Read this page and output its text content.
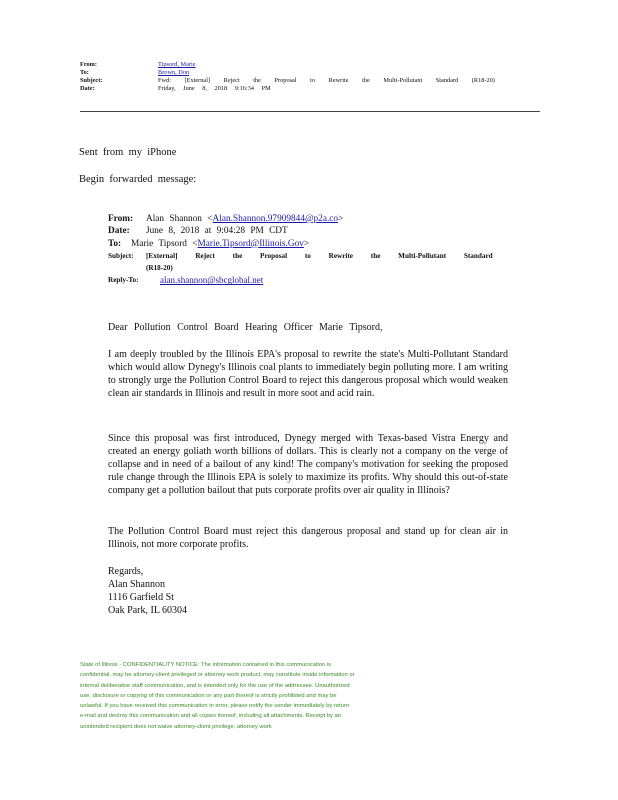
From:	Tipsord, Marie
To:	Brown, Don
Subject:	Fwd: [External] Reject the Proposal to Rewrite the Multi-Pollutant Standard (R18-20)
Date:	Friday, June 8, 2018 9:16:34 PM
Sent  from  my  iPhone
Begin  forwarded  message:
From:	Alan Shannon < Alan.Shannon.97909844@p2a.co >
Date:	June 8, 2018 at 9:04:28 PM CDT
To:	Marie Tipsord < Marie.Tipsord@Illinois.Gov >
Subject:	[External] Reject the Proposal to Rewrite the Multi-Pollutant Standard (R18-20)
Reply-To:	alan.shannon@sbcglobal.net

Dear Pollution Control Board Hearing Officer Marie Tipsord,

I am deeply troubled by the Illinois EPA's proposal to rewrite the state's Multi-Pollutant Standard which would allow Dynegy's Illinois coal plants to immediately begin polluting more. I am writing to strongly urge the Pollution Control Board to reject this dangerous proposal which would weaken clean air standards in Illinois and result in more soot and acid rain.

Since this proposal was first introduced, Dynegy merged with Texas-based Vistra Energy and created an energy goliath worth billions of dollars. This is clearly not a company on the verge of collapse and in need of a bailout of any kind! The company's motivation for seeking the proposed rule change through the Illinois EPA is solely to maximize its profits. Why should this out-of-state company get a pollution bailout that puts corporate profits over air quality in Illinois?

The Pollution Control Board must reject this dangerous proposal and stand up for clean air in Illinois, not more corporate profits.

Regards,
Alan Shannon
1116 Garfield St
Oak Park, IL 60304
State of Illinois - CONFIDENTIALITY NOTICE: The information contained in this communication is confidential, may be attorney-client privileged or attorney work product, may constitute inside information or internal deliberative staff communication, and is intended only for the use of the addressee. Unauthorized use, disclosure or copying of this communication or any part thereof is strictly prohibited and may be unlawful. If you have received this communication in error, please notify the sender immediately by return e-mail and destroy this communication and all copies thereof, including all attachments. Receipt by an unintended recipient does not waive attorney-client privilege, attorney work
